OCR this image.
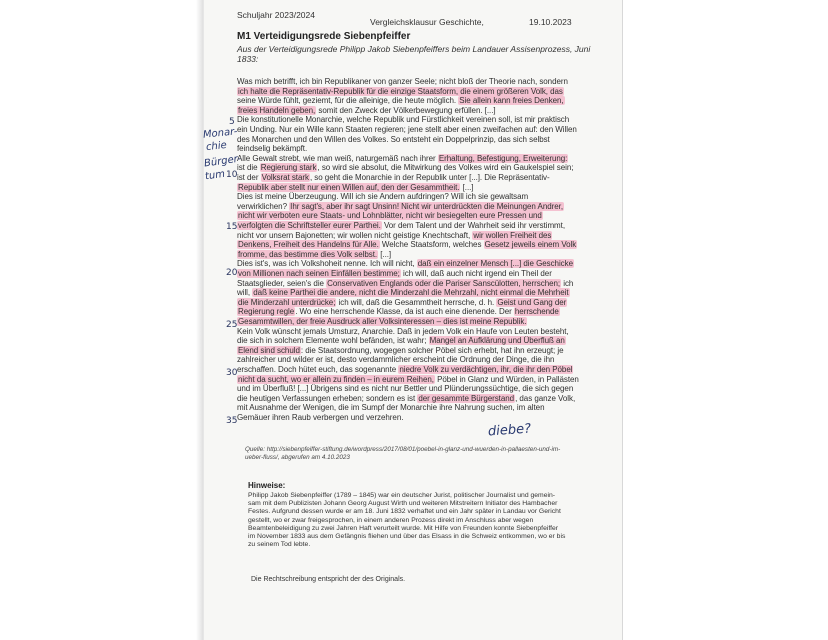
Schuljahr 2023/2024
Vergleichsklausur Geschichte,	19.10.2023
M1 Verteidigungsrede Siebenpfeiffer
Aus der Verteidigungsrede Philipp Jakob Siebenpfeiffers beim Landauer Assisenprozess, Juni
1833:
Was mich betrifft, ich bin Republikaner von ganzer Seele; nicht bloß der Theorie nach, sondern
ich halte die Repräsentativ-Republik für die einzige Staatsform, die einem größeren Volk, das
seine Würde fühlt, geziemt, für die alleinige, die heute möglich. Sie allein kann freies Denken,
freies Handeln geben, somit den Zweck der Völkerbewegung erfüllen. [...]
Die konstitutionelle Monarchie, welche Republik und Fürstlichkeit vereinen soll, ist mir praktisch
ein Unding. Nur ein Wille kann Staaten regieren; jene stellt aber einen zweifachen auf: den Willen
des Monarchen und den Willen des Volkes. So entsteht ein Doppelprinzip, das sich selbst
feindselig bekämpft.
Alle Gewalt strebt, wie man weiß, naturgemäß nach ihrer Erhaltung, Befestigung, Erweiterung:
ist die Regierung stark, so wird sie absolut, die Mitwirkung des Volkes wird ein Gaukelspiel sein;
ist der Volksrat stark, so geht die Monarchie in der Republik unter [...]. Die Repräsentativ-
Republik aber stellt nur einen Willen auf, den der Gesammtheit. [...]
Dies ist meine Überzeugung. Will ich sie Andern aufdringen? Will ich sie gewaltsam
verwirklichen? Ihr sagt's, aber ihr sagt Unsinn! Nicht wir unterdrückten die Meinungen Andrer,
nicht wir verboten eure Staats- und Lohnblätter, nicht wir besiegelten eure Pressen und
verfolgten die Schriftsteller eurer Parthei. Vor dem Talent und der Wahrheit seid ihr verstimmt,
nicht vor unsern Bajonetten; wir wollen nicht geistige Knechtschaft, wir wollen Freiheit des
Denkens, Freiheit des Handelns für Alle. Welche Staatsform, welches Gesetz jeweils einem Volk
fromme, das bestimme dies Volk selbst. [...]
Dies ist's, was ich Volkshoheit nenne. Ich will nicht, daß ein einzelner Mensch [...] die Geschicke
von Millionen nach seinen Einfällen bestimme; ich will, daß auch nicht irgend ein Theil der
Staatsglieder, seien's die Conservativen Englands oder die Pariser Sanscülotten, herrschen; ich
will, daß keine Parthei die andere, nicht die Minderzahl die Mehrzahl, nicht einmal die Mehrheit
die Minderzahl unterdrücke; ich will, daß die Gesammtheit herrsche, d. h. Geist und Gang der
Regierung regle. Wo eine herrschende Klasse, da ist auch eine dienende. Der herrschende
Gesammtwillen, der freie Ausdruck aller Volksinteressen – dies ist meine Republik.
Kein Volk wünscht jemals Umsturz, Anarchie. Daß in jedem Volk ein Haufe von Leuten besteht,
die sich in solchem Elemente wohl befänden, ist wahr; Mangel an Aufklärung und Überfluß an
Elend sind schuld: die Staatsordnung, wogegen solcher Pöbel sich erhebt, hat ihn erzeugt; je
zahlreicher und wilder er ist, desto verdammlicher erscheint die Ordnung der Dinge, die ihn
erschaffen. Doch hütet euch, das sogenannte niedre Volk zu verdächtigen, ihr, die ihr den Pöbel
nicht da sucht, wo er allein zu finden – in eurem Reihen, Pöbel in Glanz und Würden, in Pallästen
und im Überfluß! [...] Übrigens sind es nicht nur Bettler und Plünderungssüchtige, die sich gegen
die heutigen Verfassungen erheben; sondern es ist der gesammte Bürgerstand, das ganze Volk,
mit Ausnahme der Wenigen, die im Sumpf der Monarchie ihre Nahrung suchen, im alten
Gemäuer ihren Raub verbergen und verzehren.
5
10
15
20
25
30
35
Monar-
chie
Bürger-
tum
diebe?
Quelle: http://siebenpfeiffer-stiftung.de/wordpress/2017/08/01/poebel-in-glanz-und-wuerden-in-pallaesten-und-im-
ueber-fluss/, abgerufen am 4.10.2023
Hinweise:
Philipp Jakob Siebenpfeiffer (1789 – 1845) war ein deutscher Jurist, politischer Journalist und gemein-
sam mit dem Publizisten Johann Georg August Wirth und weiteren Mitstreitern Initiator des Hambacher
Festes. Aufgrund dessen wurde er am 18. Juni 1832 verhaftet und ein Jahr später in Landau vor Gericht
gestellt, wo er zwar freigesprochen, in einem anderen Prozess direkt im Anschluss aber wegen
Beamtenbeleidigung zu zwei Jahren Haft verurteilt wurde. Mit Hilfe von Freunden konnte Siebenpfeiffer
im November 1833 aus dem Gefängnis fliehen und über das Elsass in die Schweiz entkommen, wo er bis
zu seinem Tod lebte.
Die Rechtschreibung entspricht der des Originals.
